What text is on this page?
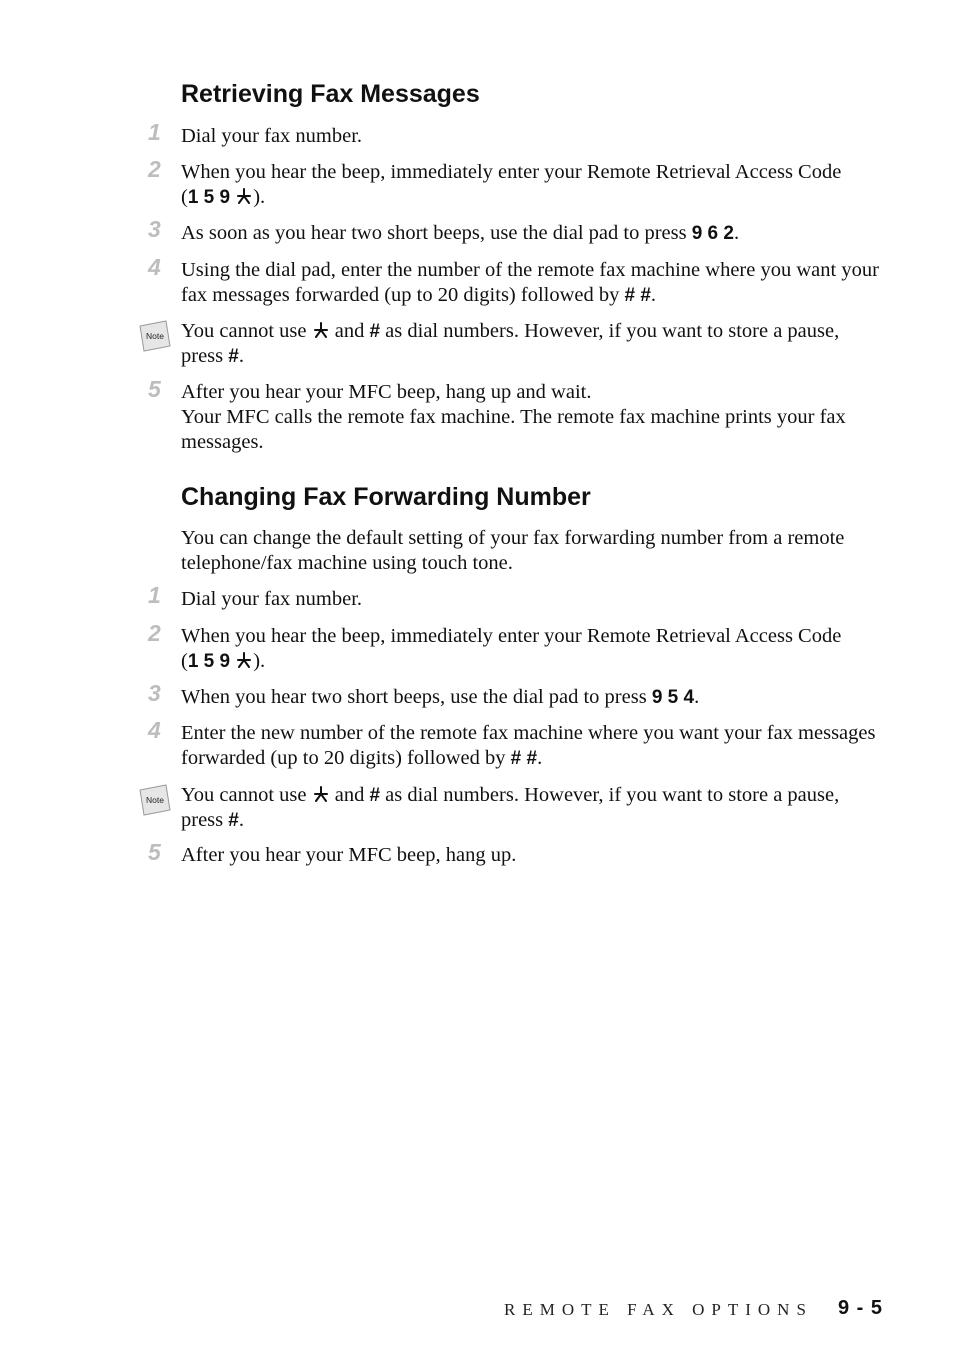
Retrieving Fax Messages
1 Dial your fax number.
2 When you hear the beep, immediately enter your Remote Retrieval Access Code
(1 5 9 ).
3 As soon as you hear two short beeps, use the dial pad to press 9 6 2.
4 Using the dial pad, enter the number of the remote fax machine where you want your fax messages forwarded (up to 20 digits) followed by # #.
Note You cannot use and # as dial numbers. However, if you want to store a pause, press #.
5 After you hear your MFC beep, hang up and wait.
Your MFC calls the remote fax machine. The remote fax machine prints your fax messages.
Changing Fax Forwarding Number
You can change the default setting of your fax forwarding number from a remote telephone/fax machine using touch tone.
1 Dial your fax number.
2 When you hear the beep, immediately enter your Remote Retrieval Access Code
(1 5 9 ).
3 When you hear two short beeps, use the dial pad to press 9 5 4.
4 Enter the new number of the remote fax machine where you want your fax messages forwarded (up to 20 digits) followed by # #.
Note You cannot use and # as dial numbers. However, if you want to store a pause, press #.
5 After you hear your MFC beep, hang up.
REMOTE FAX OPTIONS 9 - 5
